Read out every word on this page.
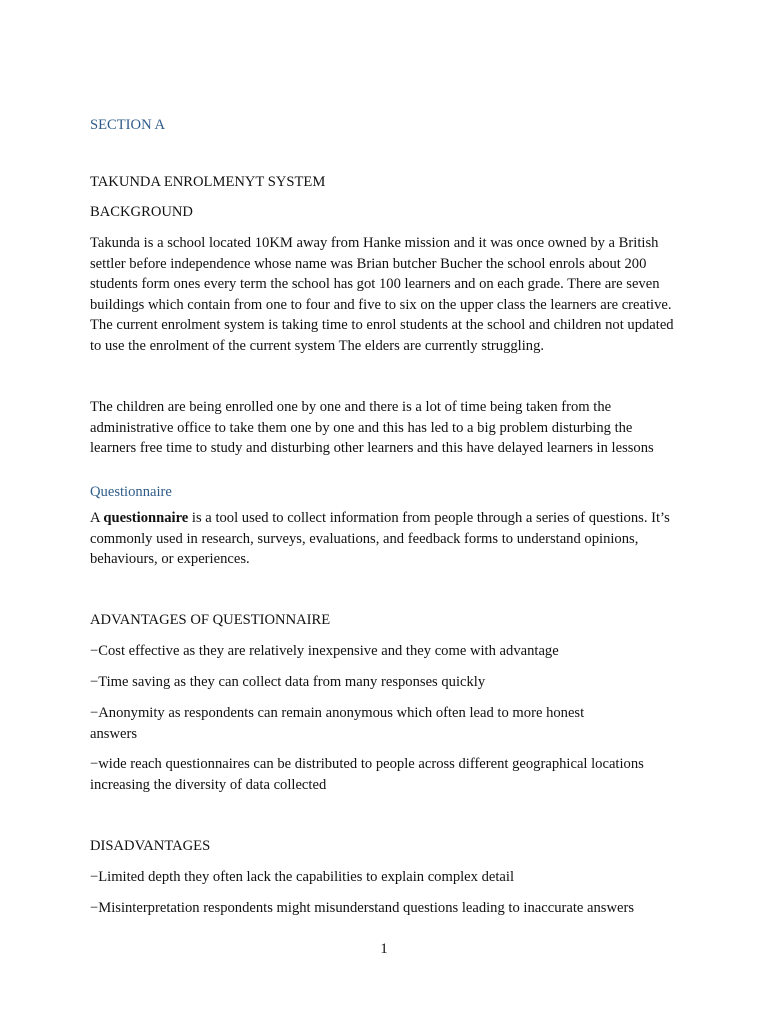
SECTION A

TAKUNDA ENROLMENYT SYSTEM

BACKGROUND

Takunda is a school located 10KM away from Hanke mission and it was once owned by a British settler before independence whose name was Brian butcher Bucher the school enrols about 200 students form ones every term the school has got 100 learners and on each grade. There are seven buildings which contain from one to four and five to six on the upper class the learners are creative. The current enrolment system is taking time to enrol students at the school and children not updated to use the enrolment of the current system The elders are currently struggling.

The children are being enrolled one by one and there is a lot of time being taken from the administrative office to take them one by one and this has led to a big problem disturbing the learners free time to study and disturbing other learners and this have delayed learners in lessons

Questionnaire

A questionnaire is a tool used to collect information from people through a series of questions. It’s commonly used in research, surveys, evaluations, and feedback forms to understand opinions, behaviours, or experiences.

ADVANTAGES OF QUESTIONNAIRE

−Cost effective as they are relatively inexpensive and they come with advantage

−Time saving as they can collect data from many responses quickly

−Anonymity as respondents can remain anonymous which often lead to more honest answers

−wide reach questionnaires can be distributed to people across different geographical locations increasing the diversity of data collected

DISADVANTAGES

−Limited depth they often lack the capabilities to explain complex detail

−Misinterpretation respondents might misunderstand questions leading to inaccurate answers

1
